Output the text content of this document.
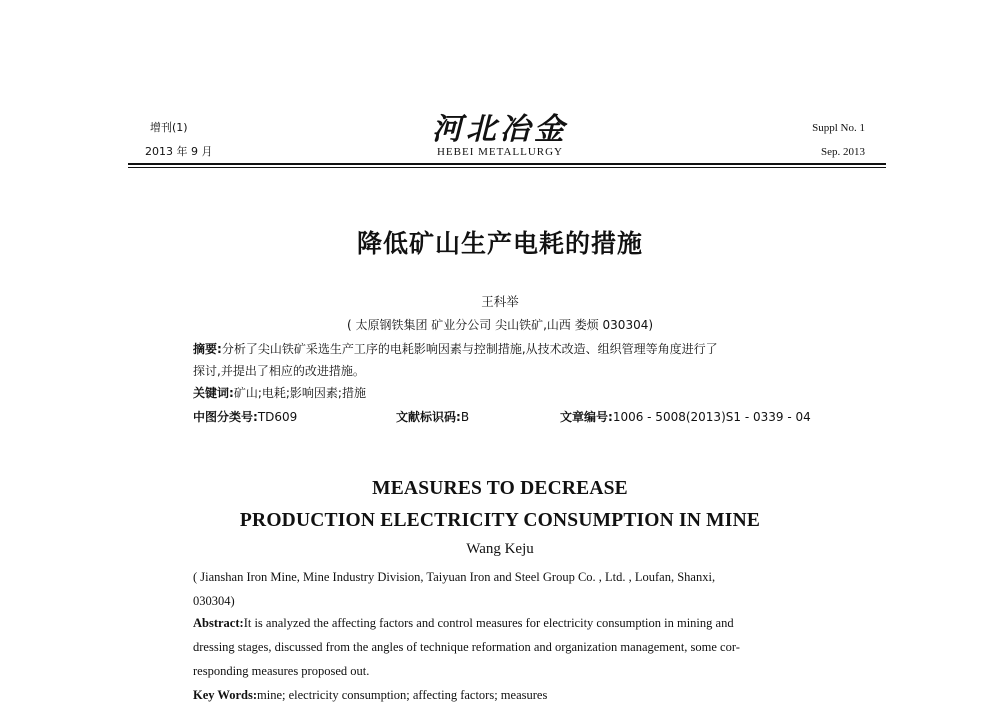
增刊(1)
2013 年 9 月
河北冶金
HEBEI METALLURGY
Suppl No. 1
Sep. 2013
降低矿山生产电耗的措施
王科举
( 太原钢铁集团 矿业分公司 尖山铁矿,山西 娄烦 030304)
摘要:分析了尖山铁矿采选生产工序的电耗影响因素与控制措施,从技术改造、组织管理等角度进行了
探讨,并提出了相应的改进措施。
关键词:矿山;电耗;影响因素;措施
中图分类号:TD609	文献标识码:B	文章编号:1006 - 5008(2013)S1 - 0339 - 04
MEASURES TO DECREASE
PRODUCTION ELECTRICITY CONSUMPTION IN MINE
Wang Keju
( Jianshan Iron Mine, Mine Industry Division, Taiyuan Iron and Steel Group Co. , Ltd. , Loufan, Shanxi,
030304)
Abstract:It is analyzed the affecting factors and control measures for electricity consumption in mining and
dressing stages, discussed from the angles of technique reformation and organization management, some cor-
responding measures proposed out.
Key Words:mine; electricity consumption; affecting factors; measures
